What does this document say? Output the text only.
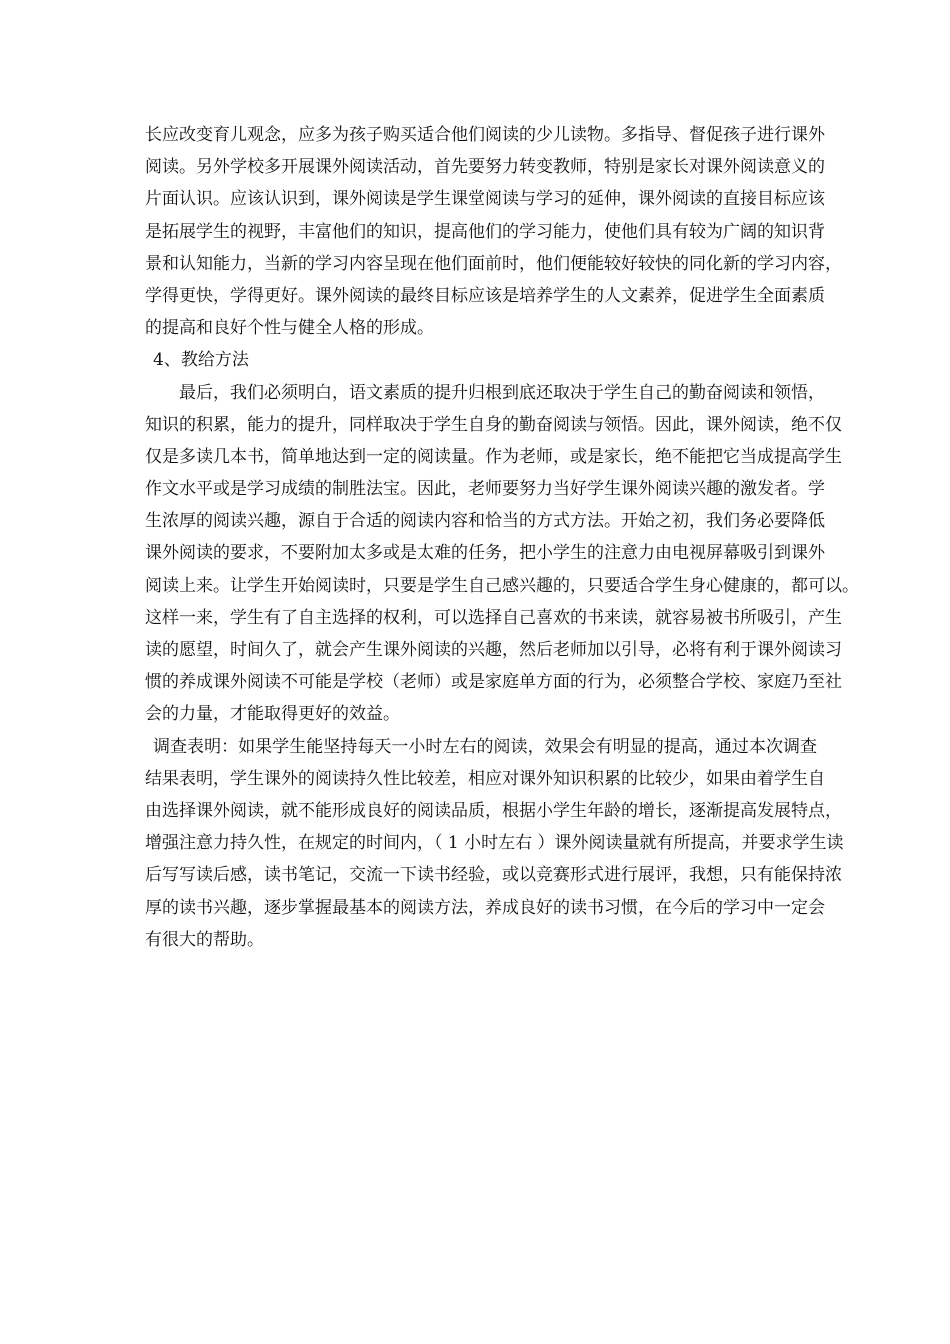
长应改变育儿观念，应多为孩子购买适合他们阅读的少儿读物。多指导、督促孩子进行课外
阅读。另外学校多开展课外阅读活动，首先要努力转变教师，特别是家长对课外阅读意义的
片面认识。应该认识到，课外阅读是学生课堂阅读与学习的延伸，课外阅读的直接目标应该
是拓展学生的视野，丰富他们的知识，提高他们的学习能力，使他们具有较为广阔的知识背
景和认知能力，当新的学习内容呈现在他们面前时，他们便能较好较快的同化新的学习内容，
学得更快，学得更好。课外阅读的最终目标应该是培养学生的人文素养，促进学生全面素质
的提高和良好个性与健全人格的形成。
4、教给方法
最后，我们必须明白，语文素质的提升归根到底还取决于学生自己的勤奋阅读和领悟，
知识的积累，能力的提升，同样取决于学生自身的勤奋阅读与领悟。因此，课外阅读，绝不仅
仅是多读几本书，简单地达到一定的阅读量。作为老师，或是家长，绝不能把它当成提高学生
作文水平或是学习成绩的制胜法宝。因此，老师要努力当好学生课外阅读兴趣的激发者。学
生浓厚的阅读兴趣，源自于合适的阅读内容和恰当的方式方法。开始之初，我们务必要降低
课外阅读的要求，不要附加太多或是太难的任务，把小学生的注意力由电视屏幕吸引到课外
阅读上来。让学生开始阅读时，只要是学生自己感兴趣的，只要适合学生身心健康的，都可以。
这样一来，学生有了自主选择的权利，可以选择自己喜欢的书来读，就容易被书所吸引，产生
读的愿望，时间久了，就会产生课外阅读的兴趣，然后老师加以引导，必将有利于课外阅读习
惯的养成课外阅读不可能是学校（老师）或是家庭单方面的行为，必须整合学校、家庭乃至社
会的力量，才能取得更好的效益。
调查表明：如果学生能坚持每天一小时左右的阅读，效果会有明显的提高，通过本次调查
结果表明，学生课外的阅读持久性比较差，相应对课外知识积累的比较少，如果由着学生自
由选择课外阅读，就不能形成良好的阅读品质，根据小学生年龄的增长，逐渐提高发展特点，
增强注意力持久性，在规定的时间内，（ 1 小时左右 ）课外阅读量就有所提高，并要求学生读
后写写读后感，读书笔记，交流一下读书经验，或以竞赛形式进行展评，我想，只有能保持浓
厚的读书兴趣，逐步掌握最基本的阅读方法，养成良好的读书习惯，在今后的学习中一定会
有很大的帮助。
